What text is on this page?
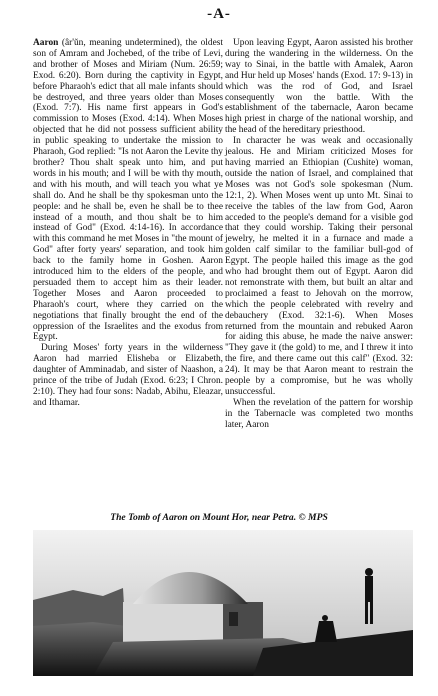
-A-

Aaron (âr'ŭn, meaning undetermined), the oldest son of Amram and Jochebed, of the tribe of Levi, and brother of Moses and Miriam (Num. 26:59; Exod. 6:20). Born during the captivity in Egypt, before Pharaoh's edict that all male infants should be destroyed, and three years older than Moses (Exod. 7:7). His name first appears in God's commission to Moses (Exod. 4:14). When Moses objected that he did not possess sufficient ability in public speaking to undertake the mission to Pharaoh, God replied: "Is not Aaron the Levite thy brother? Thou shalt speak unto him, and put words in his mouth; and I will be with thy mouth, and with his mouth, and will teach you what ye shall do. And he shall be thy spokesman unto the people: and he shall be, even he shall be to thee instead of a mouth, and thou shalt be to him instead of God" (Exod. 4:14-16). In accordance with this command he met Moses in "the mount of God" after forty years' separation, and took him back to the family home in Goshen. Aaron introduced him to the elders of the people, and persuaded them to accept him as their leader. Together Moses and Aaron proceeded to Pharaoh's court, where they carried on the negotiations that finally brought the end of the oppression of the Israelites and the exodus from Egypt.

During Moses' forty years in the wilderness Aaron had married Elisheba or Elizabeth, daughter of Amminadab, and sister of Naashon, a prince of the tribe of Judah (Exod. 6:23; I Chron. 2:10). They had four sons: Nadab, Abihu, Eleazar, and Ithamar.

Upon leaving Egypt, Aaron assisted his brother during the wandering in the wilderness. On the way to Sinai, in the battle with Amalek, Aaron and Hur held up Moses' hands (Exod. 17: 9-13) in which was the rod of God, and Israel consequently won the battle. With the establishment of the tabernacle, Aaron became high priest in charge of the national worship, and the head of the hereditary priesthood.

In character he was weak and occasionally jealous. He and Miriam criticized Moses for having married an Ethiopian (Cushite) woman, outside the nation of Israel, and complained that Moses was not God's sole spokesman (Num. 12:1, 2). When Moses went up unto Mt. Sinai to receive the tables of the law from God, Aaron acceded to the people's demand for a visible god that they could worship. Taking their personal jewelry, he melted it in a furnace and made a golden calf similar to the familiar bull-god of Egypt. The people hailed this image as the god who had brought them out of Egypt. Aaron did not remonstrate with them, but built an altar and proclaimed a feast to Jehovah on the morrow, which the people celebrated with revelry and debauchery (Exod. 32:1-6). When Moses returned from the mountain and rebuked Aaron for aiding this abuse, he made the naive answer: "They gave it (the gold) to me, and I threw it into the fire, and there came out this calf" (Exod. 32: 24). It may be that Aaron meant to restrain the people by a compromise, but he was wholly unsuccessful.

When the revelation of the pattern for worship in the Tabernacle was completed two months later, Aaron

The Tomb of Aaron on Mount Hor, near Petra. © MPS
